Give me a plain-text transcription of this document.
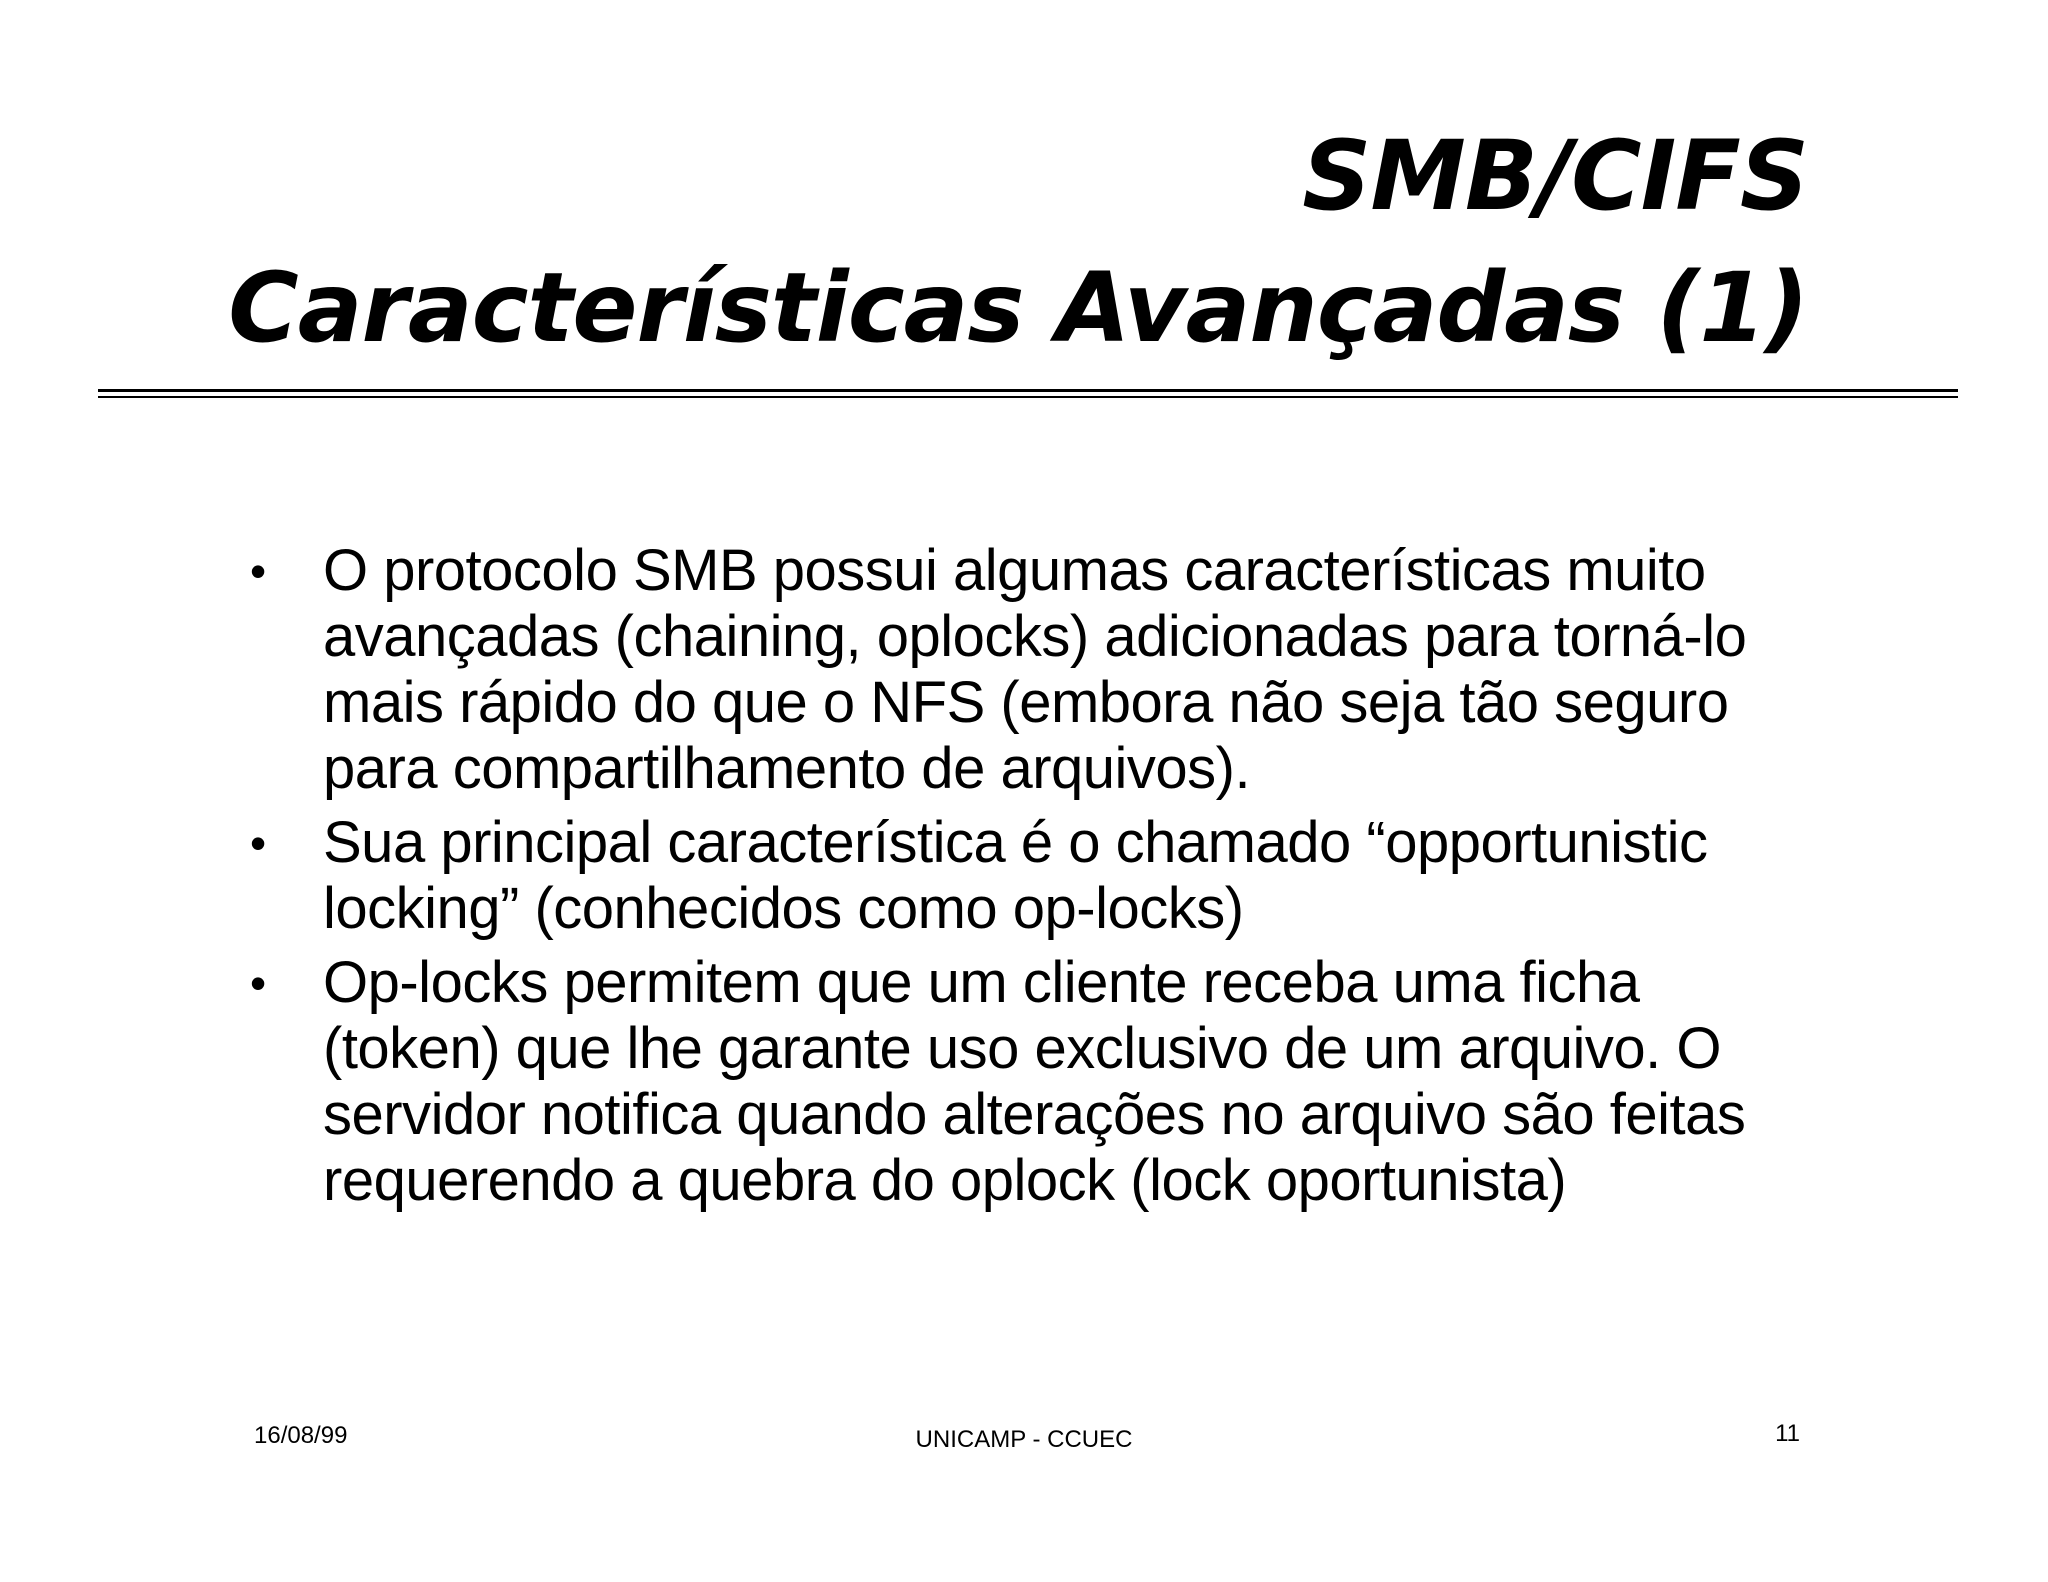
SMB/CIFS
Características Avançadas (1)
• O protocolo SMB possui algumas características muito avançadas (chaining, oplocks) adicionadas para torná-lo mais rápido do que o NFS (embora não seja tão seguro para compartilhamento de arquivos).
• Sua principal característica é o chamado “opportunistic locking” (conhecidos como op-locks)
• Op-locks permitem que um cliente receba uma ficha (token) que lhe garante uso exclusivo de um arquivo. O servidor notifica quando alterações no arquivo são feitas requerendo a quebra do oplock (lock oportunista)
16/08/99	UNICAMP - CCUEC	11
